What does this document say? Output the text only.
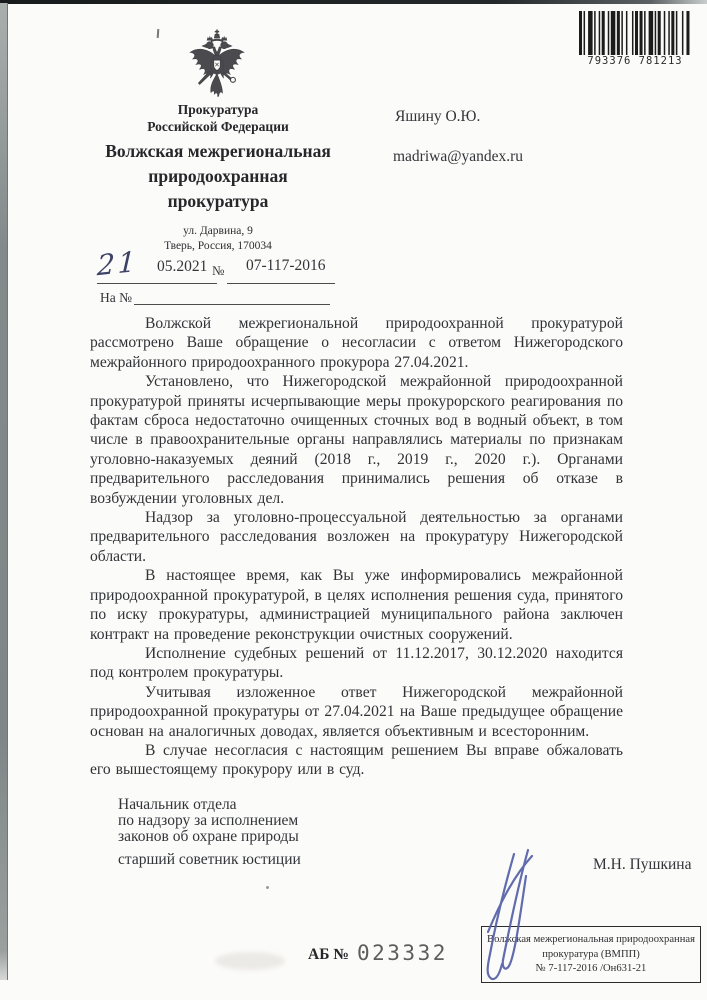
793376 781213
Прокуратура
Российской Федерации
Волжская межрегиональная
природоохранная
прокуратура
ул. Дарвина, 9
Тверь, Россия, 170034
Яшину О.Ю.
madriwa@yandex.ru
21 05.2021 № 07-117-2016
На №

Волжской межрегиональной природоохранной прокуратурой рассмотрено Ваше обращение о несогласии с ответом Нижегородского межрайонного природоохранного прокурора 27.04.2021.

Установлено, что Нижегородской межрайонной природоохранной прокуратурой приняты исчерпывающие меры прокурорского реагирования по фактам сброса недостаточно очищенных сточных вод в водный объект, в том числе в правоохранительные органы направлялись материалы по признакам уголовно-наказуемых деяний (2018 г., 2019 г., 2020 г.). Органами предварительного расследования принимались решения об отказе в возбуждении уголовных дел.

Надзор за уголовно-процессуальной деятельностью за органами предварительного расследования возложен на прокуратуру Нижегородской области.

В настоящее время, как Вы уже информировались межрайонной природоохранной прокуратурой, в целях исполнения решения суда, принятого по иску прокуратуры, администрацией муниципального района заключен контракт на проведение реконструкции очистных сооружений.

Исполнение судебных решений от 11.12.2017, 30.12.2020 находится под контролем прокуратуры.

Учитывая изложенное ответ Нижегородской межрайонной природоохранной прокуратуры от 27.04.2021 на Ваше предыдущее обращение основан на аналогичных доводах, является объективным и всесторонним.

В случае несогласия с настоящим решением Вы вправе обжаловать его вышестоящему прокурору или в суд.

Начальник отдела
по надзору за исполнением
законов об охране природы
старший советник юстиции	М.Н. Пушкина
Волжская межрегиональная природоохранная
прокуратура (ВМПП)
№ 7-117-2016 /Он631-21
АБ № 023332
